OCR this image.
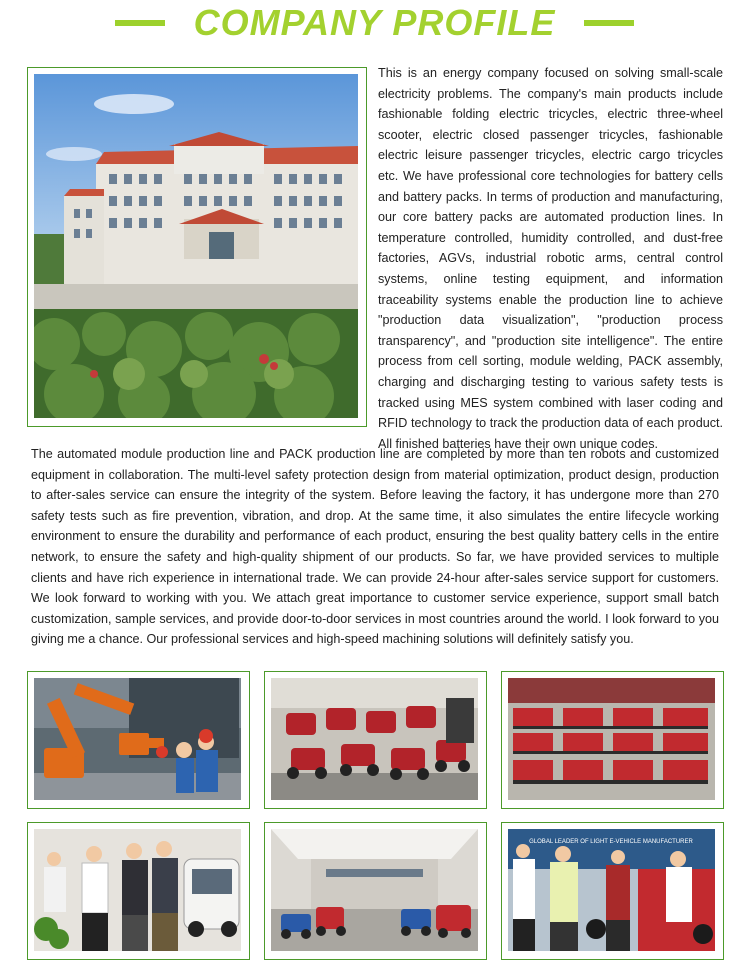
COMPANY PROFILE
This is an energy company focused on solving small-scale electricity problems. The company's main products include fashionable folding electric tricycles, electric three-wheel scooter, electric closed passenger tricycles, fashionable electric leisure passenger tricycles, electric cargo tricycles etc. We have professional core technologies for battery cells and battery packs. In terms of production and manufacturing, our core battery packs are automated production lines. In temperature controlled, humidity controlled, and dust-free factories, AGVs, industrial robotic arms, central control systems, online testing equipment, and information traceability systems enable the production line to achieve "production data visualization", "production process transparency", and "production site intelligence". The entire process from cell sorting, module welding, PACK assembly, charging and discharging testing to various safety tests is tracked using MES system combined with laser coding and RFID technology to track the production data of each product. All finished batteries have their own unique codes.
The automated module production line and PACK production line are completed by more than ten robots and customized equipment in collaboration. The multi-level safety protection design from material optimization, product design, production to after-sales service can ensure the integrity of the system. Before leaving the factory, it has undergone more than 270 safety tests such as fire prevention, vibration, and drop. At the same time, it also simulates the entire lifecycle working environment to ensure the durability and performance of each product, ensuring the best quality battery cells in the entire network, to ensure the safety and high-quality shipment of our products. So far, we have provided services to multiple clients and have rich experience in international trade. We can provide 24-hour after-sales service support for customers. We look forward to working with you. We attach great importance to customer service experience, support small batch customization, sample services, and provide door-to-door services in most countries around the world. I look forward to you giving me a chance. Our professional services and high-speed machining solutions will definitely satisfy you.
GLOBAL LEADER OF LIGHT E-VEHICLE MANUFACTURER
